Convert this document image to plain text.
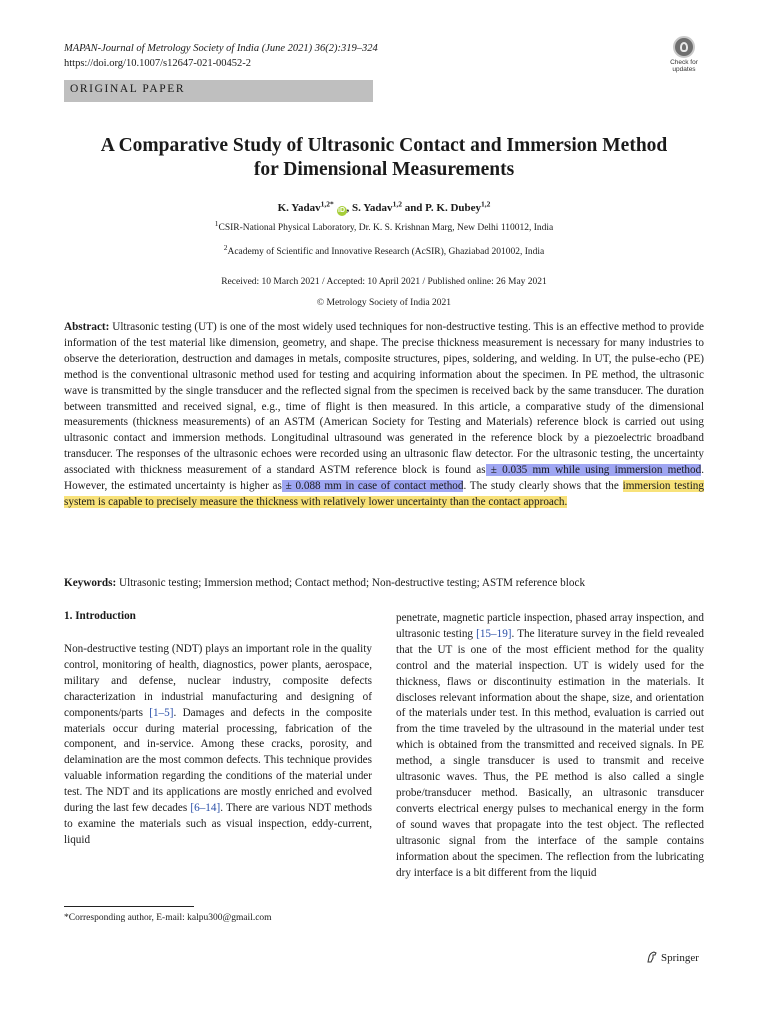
MAPAN-Journal of Metrology Society of India (June 2021) 36(2):319–324
https://doi.org/10.1007/s12647-021-00452-2	Check for
updates
ORIGINAL PAPER
A Comparative Study of Ultrasonic Contact and Immersion Method
for Dimensional Measurements
K. Yadav$^{1,2*}$ iD , S. Yadav$^{1,2}$ and P. K. Dubey$^{1,2}$
$^1$CSIR-National Physical Laboratory, Dr. K. S. Krishnan Marg, New Delhi 110012, India
$^2$Academy of Scientific and Innovative Research (AcSIR), Ghaziabad 201002, India
Received: 10 March 2021 / Accepted: 10 April 2021 / Published online: 26 May 2021
© Metrology Society of India 2021
Abstract: Ultrasonic testing (UT) is one of the most widely used techniques for non-destructive testing. This is an effective method to provide information of the test material like dimension, geometry, and shape. The precise thickness measurement is necessary for many industries to observe the deterioration, destruction and damages in metals, composite structures, pipes, soldering, and welding. In UT, the pulse-echo (PE) method is the conventional ultrasonic method used for testing and acquiring information about the specimen. In PE method, the ultrasonic wave is transmitted by the single transducer and the reflected signal from the specimen is received back by the same transducer. The duration between transmitted and received signal, e.g., time of flight is then measured. In this article, a comparative study of the dimensional measurements (thickness measurements) of an ASTM (American Society for Testing and Materials) reference block is carried out using ultrasonic contact and immersion methods. Longitudinal ultrasound was generated in the reference block by a piezoelectric broadband transducer. The responses of the ultrasonic echoes were recorded using an ultrasonic flaw detector. For the ultrasonic testing, the uncertainty associated with thickness measurement of a standard ASTM reference block is found as ± 0.035 mm while using immersion method. However, the estimated uncertainty is higher as ± 0.088 mm in case of contact method. The study clearly shows that the immersion testing system is capable to precisely measure the thickness with relatively lower uncertainty than the contact approach.
Keywords: Ultrasonic testing; Immersion method; Contact method; Non-destructive testing; ASTM reference block
1. Introduction
Non-destructive testing (NDT) plays an important role in the quality control, monitoring of health, diagnostics, power plants, aerospace, military and defense, nuclear industry, composite defects characterization in industrial manufacturing and designing of components/parts [1–5]. Damages and defects in the composite materials occur during material processing, fabrication of the component, and in-service. Among these cracks, porosity, and delamination are the most common defects. This technique provides valuable information regarding the conditions of the material under test. The NDT and its applications are mostly enriched and evolved during the last few decades [6–14]. There are various NDT methods to examine the materials such as visual inspection, eddy-current, liquid
penetrate, magnetic particle inspection, phased array inspection, and ultrasonic testing [15–19]. The literature survey in the field revealed that the UT is one of the most efficient method for the quality control and the material inspection. UT is widely used for the thickness, flaws or discontinuity estimation in the materials. It discloses relevant information about the shape, size, and orientation of the materials under test. In this method, evaluation is carried out from the time traveled by the ultrasound in the material under test which is obtained from the transmitted and received signals. In PE method, a single transducer is used to transmit and receive ultrasonic waves. Thus, the PE method is also called a single probe/transducer method. Basically, an ultrasonic transducer converts electrical energy pulses to mechanical energy in the form of sound waves that propagate into the test object. The reflected ultrasonic signal from the interface of the sample contains information about the specimen. The reflection from the lubricating dry interface is a bit different from the liquid
*Corresponding author, E-mail: kalpu300@gmail.com
Springer
